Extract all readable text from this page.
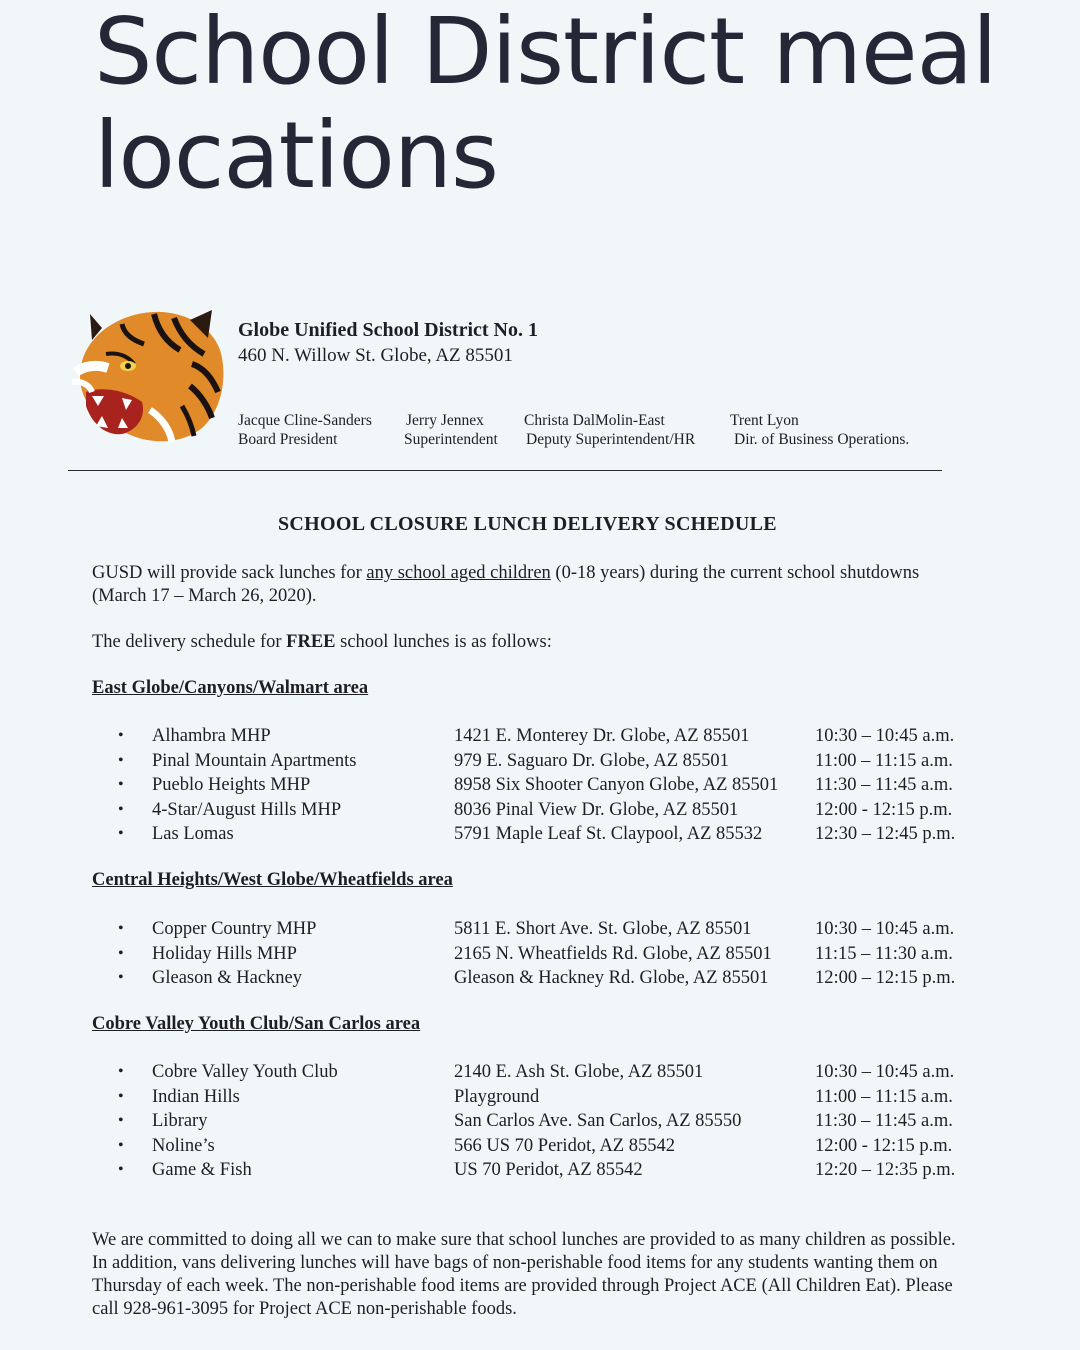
School District meal
locations
Globe Unified School District No. 1
460 N. Willow St. Globe, AZ 85501
Jacque Cline-Sanders
Board President
Jerry Jennex
Superintendent
Christa DalMolin-East
Deputy Superintendent/HR
Trent Lyon
Dir. of Business Operations.
SCHOOL CLOSURE LUNCH DELIVERY SCHEDULE
GUSD will provide sack lunches for any school aged children (0-18 years) during the current school shutdowns
(March 17 – March 26, 2020).
The delivery schedule for FREE school lunches is as follows:
East Globe/Canyons/Walmart area
• Alhambra MHP	1421 E. Monterey Dr. Globe, AZ 85501	10:30 – 10:45 a.m.
• Pinal Mountain Apartments	979 E. Saguaro Dr. Globe, AZ 85501	11:00 – 11:15 a.m.
• Pueblo Heights MHP	8958 Six Shooter Canyon Globe, AZ 85501 11:30 – 11:45 a.m.
• 4-Star/August Hills MHP	8036 Pinal View Dr. Globe, AZ 85501	12:00 - 12:15 p.m.
• Las Lomas	5791 Maple Leaf St. Claypool, AZ 85532	12:30 – 12:45 p.m.
Central Heights/West Globe/Wheatfields area
• Copper Country MHP	5811 E. Short Ave. St. Globe, AZ 85501	10:30 – 10:45 a.m.
• Holiday Hills MHP	2165 N. Wheatfields Rd. Globe, AZ 85501 11:15 – 11:30 a.m.
• Gleason & Hackney	Gleason & Hackney Rd. Globe, AZ 85501	12:00 – 12:15 p.m.
Cobre Valley Youth Club/San Carlos area
• Cobre Valley Youth Club	2140 E. Ash St. Globe, AZ 85501	10:30 – 10:45 a.m.
• Indian Hills	Playground	11:00 – 11:15 a.m.
• Library	San Carlos Ave. San Carlos, AZ 85550	11:30 – 11:45 a.m.
• Noline’s	566 US 70 Peridot, AZ 85542	12:00 - 12:15 p.m.
• Game & Fish	US 70 Peridot, AZ 85542	12:20 – 12:35 p.m.
We are committed to doing all we can to make sure that school lunches are provided to as many children as possible. In addition, vans delivering lunches will have bags of non-perishable food items for any students wanting them on Thursday of each week. The non-perishable food items are provided through Project ACE (All Children Eat). Please call 928-961-3095 for Project ACE non-perishable foods.
